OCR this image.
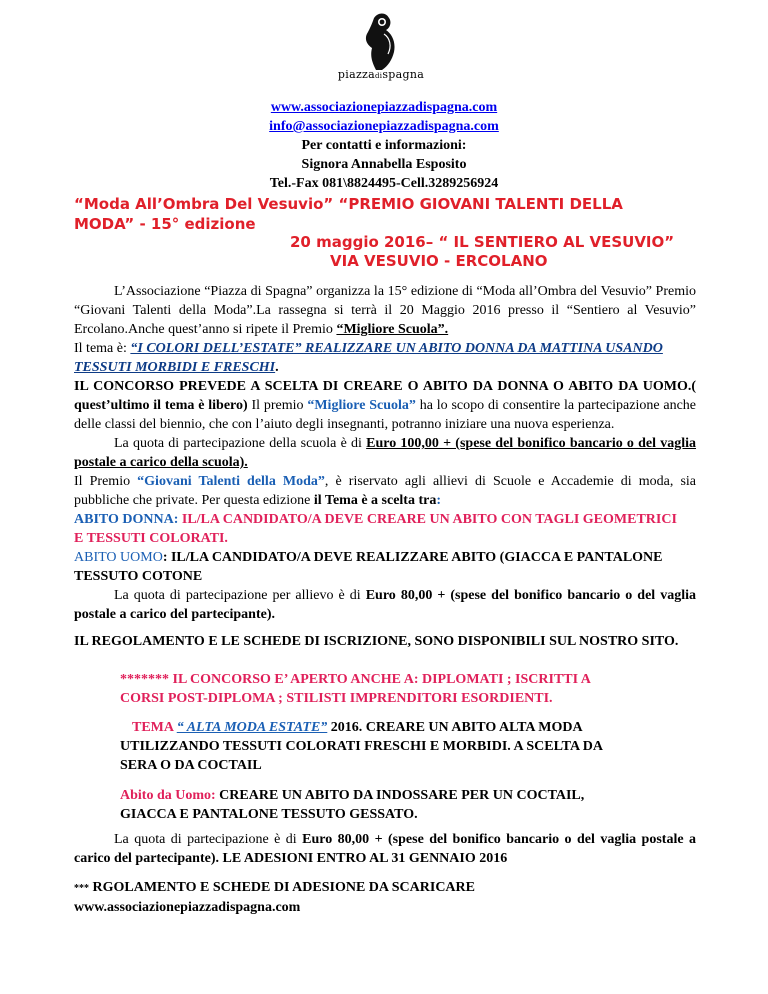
piazzadispagna
www.associazionepiazzadispagna.com
info@associazionepiazzadispagna.com
Per contatti e informazioni:
Signora Annabella Esposito
Tel.-Fax 081\8824495-Cell.3289256924
“Moda All’Ombra Del Vesuvio” “PREMIO GIOVANI TALENTI DELLA
MODA” - 15° edizione
20 maggio 2016– “ IL SENTIERO AL VESUVIO”
VIA VESUVIO - ERCOLANO
L’Associazione “Piazza di Spagna” organizza la 15° edizione di “Moda all’Ombra del Vesuvio” Premio “Giovani Talenti della Moda”.La rassegna si terrà il 20 Maggio 2016 presso il “Sentiero al Vesuvio” Ercolano.Anche quest’anno si ripete il Premio “Migliore Scuola”.
Il tema è: “I COLORI DELL’ESTATE” REALIZZARE UN ABITO DONNA DA MATTINA USANDO TESSUTI MORBIDI E FRESCHI.
IL CONCORSO PREVEDE A SCELTA DI CREARE O ABITO DA DONNA O ABITO DA UOMO.( quest’ultimo il tema è libero) Il premio “Migliore Scuola” ha lo scopo di consentire la partecipazione anche delle classi del biennio, che con l’aiuto degli insegnanti, potranno iniziare una nuova esperienza.
La quota di partecipazione della scuola è di Euro 100,00 + (spese del bonifico bancario o del vaglia postale a carico della scuola).
Il Premio “Giovani Talenti della Moda”, è riservato agli allievi di Scuole e Accademie di moda, sia pubbliche che private. Per questa edizione il Tema è a scelta tra:
ABITO DONNA: IL/LA CANDIDATO/A DEVE CREARE UN ABITO CON TAGLI GEOMETRICI E TESSUTI COLORATI.
ABITO UOMO: IL/LA CANDIDATO/A DEVE REALIZZARE ABITO (GIACCA E PANTALONE TESSUTO COTONE
La quota di partecipazione per allievo è di Euro 80,00 + (spese del bonifico bancario o del vaglia postale a carico del partecipante).
IL REGOLAMENTO E LE SCHEDE DI ISCRIZIONE, SONO DISPONIBILI SUL NOSTRO SITO.
******* IL CONCORSO E’ APERTO ANCHE A: DIPLOMATI ; ISCRITTI A
CORSI POST-DIPLOMA ; STILISTI IMPRENDITORI ESORDIENTI.
TEMA “ ALTA MODA ESTATE” 2016. CREARE UN ABITO ALTA MODA
UTILIZZANDO TESSUTI COLORATI FRESCHI E MORBIDI. A SCELTA DA
SERA O DA COCTAIL
Abito da Uomo: CREARE UN ABITO DA INDOSSARE PER UN COCTAIL,
GIACCA E PANTALONE TESSUTO GESSATO.
La quota di partecipazione è di Euro 80,00 + (spese del bonifico bancario o del vaglia postale a carico del partecipante). LE ADESIONI ENTRO AL 31 GENNAIO 2016
*** RGOLAMENTO E SCHEDE DI ADESIONE DA SCARICARE
www.associazionepiazzadispagna.com
